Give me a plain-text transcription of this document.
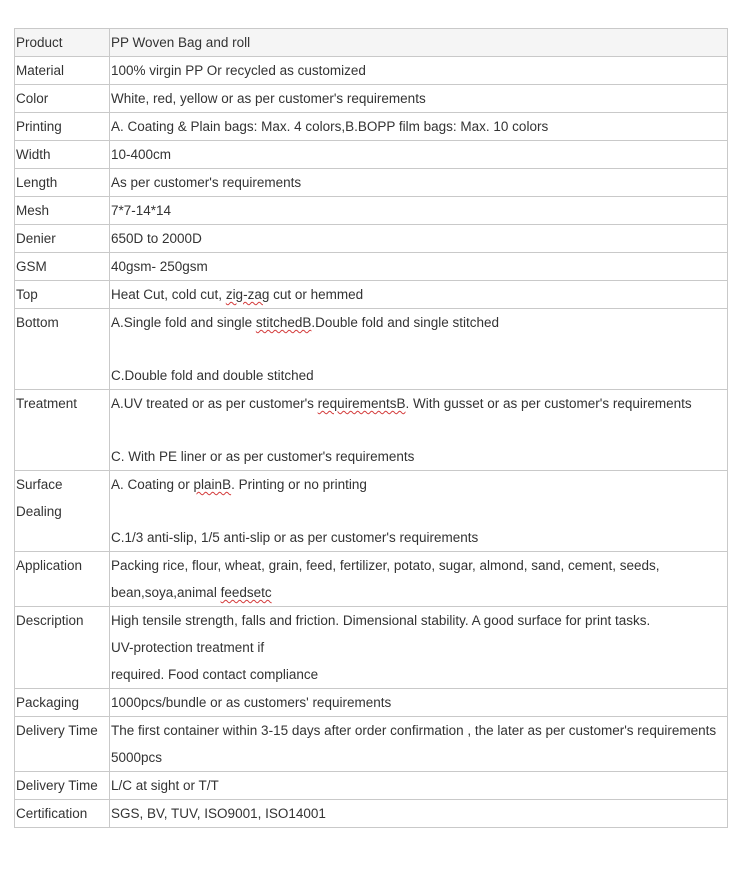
Product	PP Woven Bag and roll
Material	100% virgin PP Or recycled as customized
Color	White, red, yellow or as per customer's requirements
Printing	A. Coating & Plain bags: Max. 4 colors,B.BOPP film bags: Max. 10 colors
Width	10-400cm
Length	As per customer's requirements
Mesh	7*7-14*14
Denier	650D to 2000D
GSM	40gsm- 250gsm
Top	Heat Cut, cold cut, zig-zag cut or hemmed
Bottom	A.Single fold and single stitchedB.Double fold and single stitched
C.Double fold and double stitched

Treatment	A.UV treated or as per customer's requirementsB. With gusset or as per customer's requirements
C. With PE liner or as per customer's requirements

Surface
Dealing	A. Coating or plainB. Printing or no printing
C.1/3 anti-slip, 1/5 anti-slip or as per customer's requirements

Application	Packing rice, flour, wheat, grain, feed, fertilizer, potato, sugar, almond, sand, cement, seeds,
bean,soya,animal feedsetc

Description	High tensile strength, falls and friction. Dimensional stability. A good surface for print tasks.
UV-protection treatment if
required. Food contact compliance

Packaging	1000pcs/bundle or as customers' requirements
Delivery Time	The first container within 3-15 days after order confirmation , the later as per customer's requirements
5000pcs

Delivery Time	L/C at sight or T/T
Certification	SGS, BV, TUV, ISO9001, ISO14001
